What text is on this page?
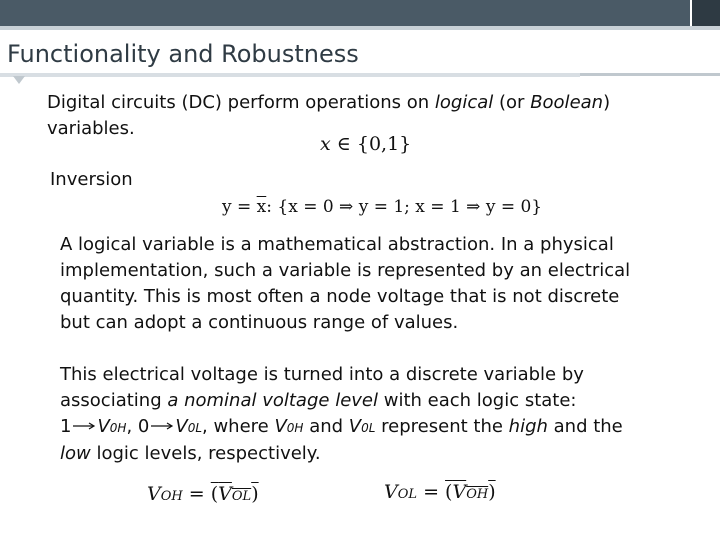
Functionality and Robustness
Digital circuits (DC) perform operations on logical (or Boolean)
variables.
x ∈ {0,1}
Inversion
$y = \overline{x}$: {x = 0 ⇒ y = 1; x = 1 ⇒ y = 0}
A logical variable is a mathematical abstraction. In a physical
implementation, such a variable is represented by an electrical
quantity. This is most often a node voltage that is not discrete
but can adopt a continuous range of values.
This electrical voltage is turned into a discrete variable by
associating a nominal voltage level with each logic state:
1 V0H, 0 V0L, where V0H and V0L represent the high and the
low logic levels, respectively.
VOH = (VOL)	VOL = (VOH)
